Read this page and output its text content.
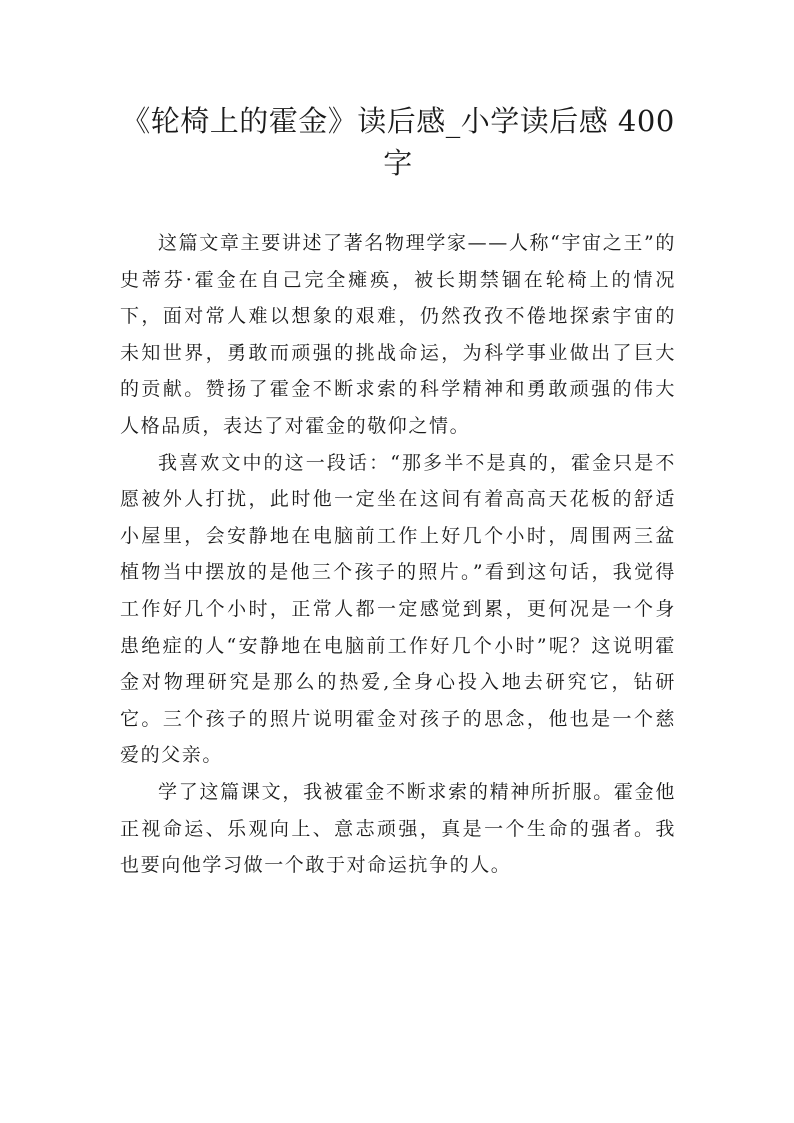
《轮椅上的霍金》读后感_小学读后感 400 字

这篇文章主要讲述了著名物理学家——人称“宇宙之王”的史蒂芬·霍金在自己完全瘫痪，被长期禁锢在轮椅上的情况下，面对常人难以想象的艰难，仍然孜孜不倦地探索宇宙的未知世界，勇敢而顽强的挑战命运，为科学事业做出了巨大的贡献。赞扬了霍金不断求索的科学精神和勇敢顽强的伟大人格品质，表达了对霍金的敬仰之情。

我喜欢文中的这一段话：“那多半不是真的，霍金只是不愿被外人打扰，此时他一定坐在这间有着高高天花板的舒适小屋里，会安静地在电脑前工作上好几个小时，周围两三盆植物当中摆放的是他三个孩子的照片。”看到这句话，我觉得工作好几个小时，正常人都一定感觉到累，更何况是一个身患绝症的人“安静地在电脑前工作好几个小时”呢？这说明霍金对物理研究是那么的热爱,全身心投入地去研究它，钻研它。三个孩子的照片说明霍金对孩子的思念，他也是一个慈爱的父亲。

学了这篇课文，我被霍金不断求索的精神所折服。霍金他正视命运、乐观向上、意志顽强，真是一个生命的强者。我也要向他学习做一个敢于对命运抗争的人。
